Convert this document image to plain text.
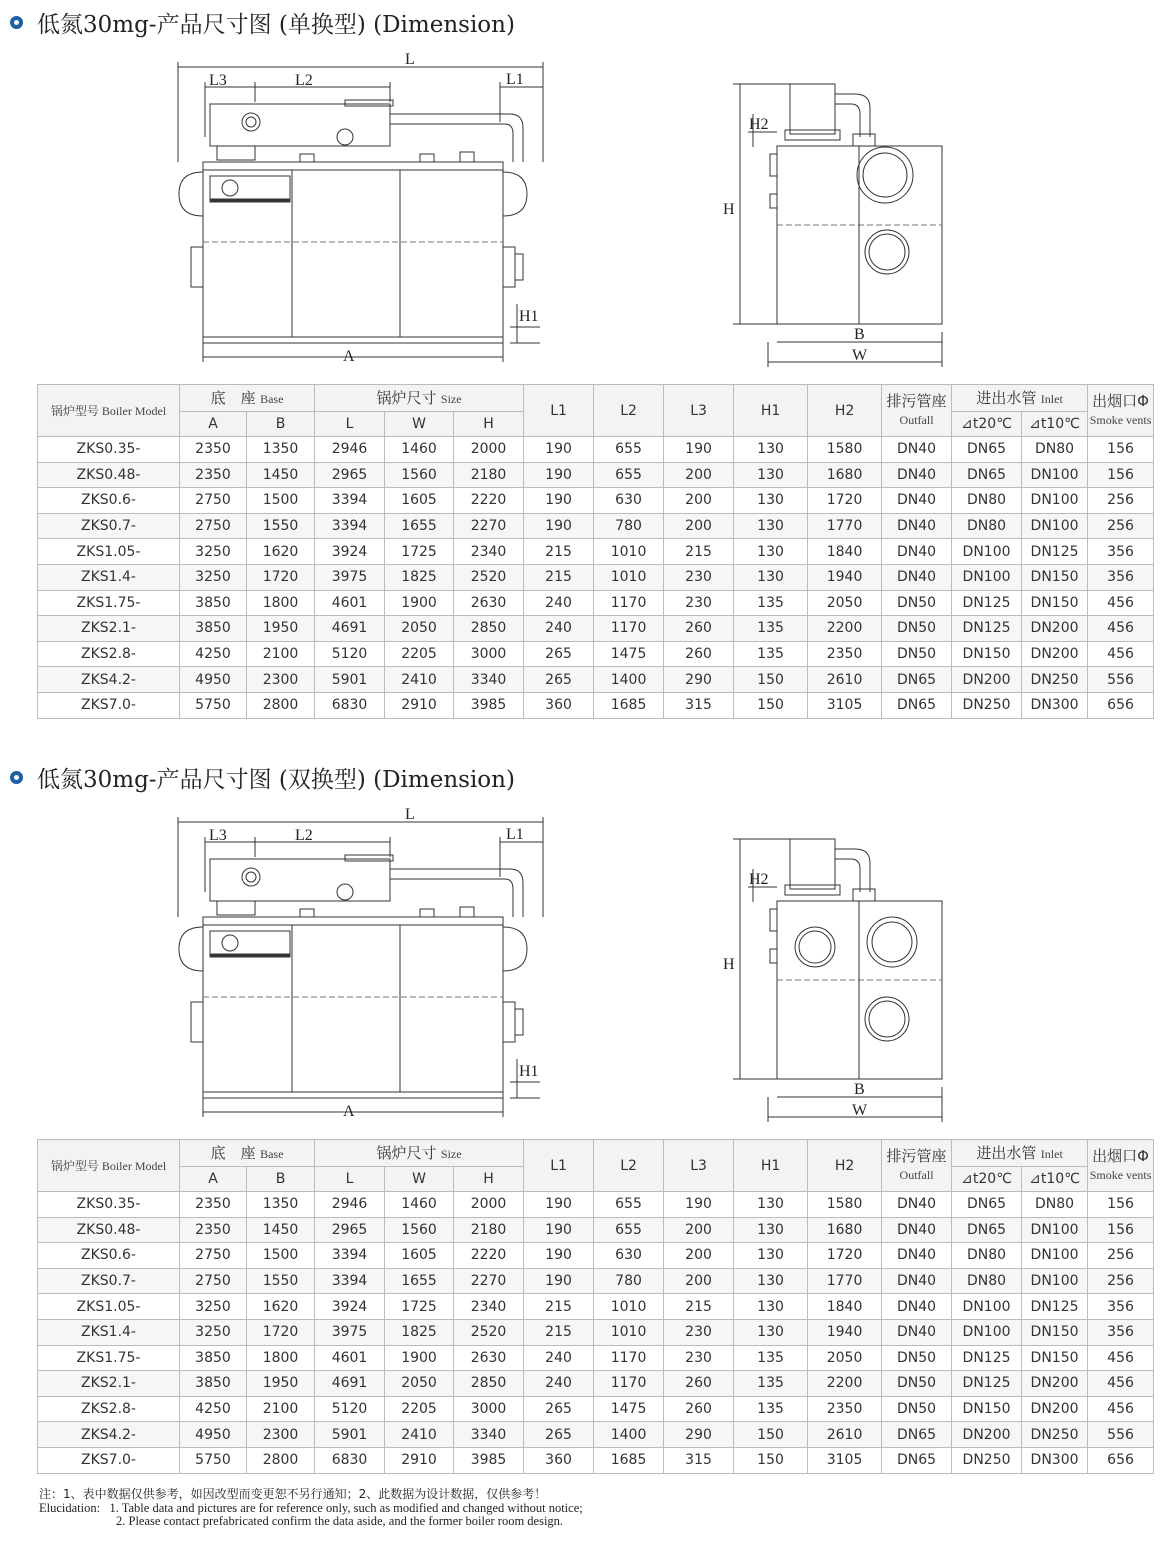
低氮30mg-产品尺寸图 (单换型) (Dimension)
L
L3	L2	L1
A
H1
H2
H
B
W
锅炉型号 Boiler Model	底　座 Base		锅炉尺寸 Size			L1	L2	L3	H1	H2	排污管座
Outfall	进出水管 Inlet		出烟口Φ
Smoke vents

	A	B	L	W	H							⊿t20℃	⊿t10℃	
ZKS0.35-	2350	1350	2946	1460	2000	190	655	190	130	1580	DN40	DN65	DN80	156
ZKS0.48-	2350	1450	2965	1560	2180	190	655	200	130	1680	DN40	DN65	DN100	156
ZKS0.6-	2750	1500	3394	1605	2220	190	630	200	130	1720	DN40	DN80	DN100	256
ZKS0.7-	2750	1550	3394	1655	2270	190	780	200	130	1770	DN40	DN80	DN100	256
ZKS1.05-	3250	1620	3924	1725	2340	215	1010	215	130	1840	DN40	DN100	DN125	356
ZKS1.4-	3250	1720	3975	1825	2520	215	1010	230	130	1940	DN40	DN100	DN150	356
ZKS1.75-	3850	1800	4601	1900	2630	240	1170	230	135	2050	DN50	DN125	DN150	456
ZKS2.1-	3850	1950	4691	2050	2850	240	1170	260	135	2200	DN50	DN125	DN200	456
ZKS2.8-	4250	2100	5120	2205	3000	265	1475	260	135	2350	DN50	DN150	DN200	456
ZKS4.2-	4950	2300	5901	2410	3340	265	1400	290	150	2610	DN65	DN200	DN250	556
ZKS7.0-	5750	2800	6830	2910	3985	360	1685	315	150	3105	DN65	DN250	DN300	656
低氮30mg-产品尺寸图 (双换型) (Dimension)
L
L3	L2	L1
A
H1
H2
H
B
W
锅炉型号 Boiler Model	底　座 Base		锅炉尺寸 Size			L1	L2	L3	H1	H2	排污管座
Outfall	进出水管 Inlet		出烟口Φ
Smoke vents

	A	B	L	W	H							⊿t20℃	⊿t10℃	
ZKS0.35-	2350	1350	2946	1460	2000	190	655	190	130	1580	DN40	DN65	DN80	156
ZKS0.48-	2350	1450	2965	1560	2180	190	655	200	130	1680	DN40	DN65	DN100	156
ZKS0.6-	2750	1500	3394	1605	2220	190	630	200	130	1720	DN40	DN80	DN100	256
ZKS0.7-	2750	1550	3394	1655	2270	190	780	200	130	1770	DN40	DN80	DN100	256
ZKS1.05-	3250	1620	3924	1725	2340	215	1010	215	130	1840	DN40	DN100	DN125	356
ZKS1.4-	3250	1720	3975	1825	2520	215	1010	230	130	1940	DN40	DN100	DN150	356
ZKS1.75-	3850	1800	4601	1900	2630	240	1170	230	135	2050	DN50	DN125	DN150	456
ZKS2.1-	3850	1950	4691	2050	2850	240	1170	260	135	2200	DN50	DN125	DN200	456
ZKS2.8-	4250	2100	5120	2205	3000	265	1475	260	135	2350	DN50	DN150	DN200	456
ZKS4.2-	4950	2300	5901	2410	3340	265	1400	290	150	2610	DN65	DN200	DN250	556
ZKS7.0-	5750	2800	6830	2910	3985	360	1685	315	150	3105	DN65	DN250	DN300	656
注：1、表中数据仅供参考，如因改型而变更恕不另行通知；2、此数据为设计数据，仅供参考！
Elucidation:   1. Table data and pictures are for reference only, such as modified and changed without notice;
2. Please contact prefabricated confirm the data aside, and the former boiler room design.
